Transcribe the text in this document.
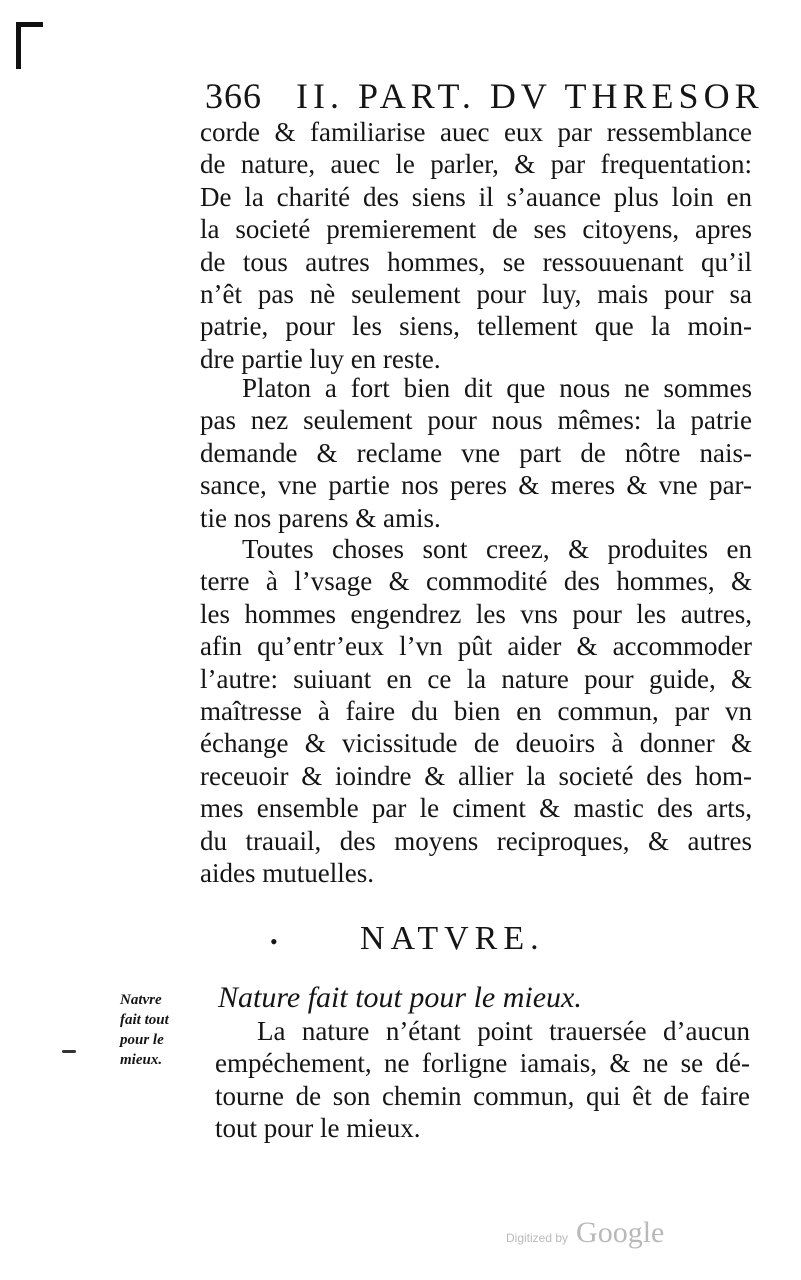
366 II. PART. DV THRESOR
corde & familiarise auec eux par ressemblance
de nature, auec le parler, & par frequentation:
De la charité des siens il s’auance plus loin en
la societé premierement de ses citoyens, apres
de tous autres hommes, se ressouuenant qu’il
n’êt pas nè seulement pour luy, mais pour sa
patrie, pour les siens, tellement que la moin-
dre partie luy en reste.
Platon a fort bien dit que nous ne sommes
pas nez seulement pour nous mêmes: la patrie
demande & reclame vne part de nôtre nais-
sance, vne partie nos peres & meres & vne par-
tie nos parens & amis.
Toutes choses sont creez, & produites en
terre à l’vsage & commodité des hommes, &
les hommes engendrez les vns pour les autres,
afin qu’entr’eux l’vn pût aider & accommoder
l’autre: suiuant en ce la nature pour guide, &
maîtresse à faire du bien en commun, par vn
échange & vicissitude de deuoirs à donner &
receuoir & ioindre & allier la societé des hom-
mes ensemble par le ciment & mastic des arts,
du trauail, des moyens reciproques, & autres
aides mutuelles.
• NATVRE.
Nature fait tout pour le mieux.
Natvre
fait tout
pour le
mieux.
La nature n’étant point trauersée d’aucun
empéchement, ne forligne iamais, & ne se dé-
tourne de son chemin commun, qui êt de faire
tout pour le mieux.
Digitized by Google
